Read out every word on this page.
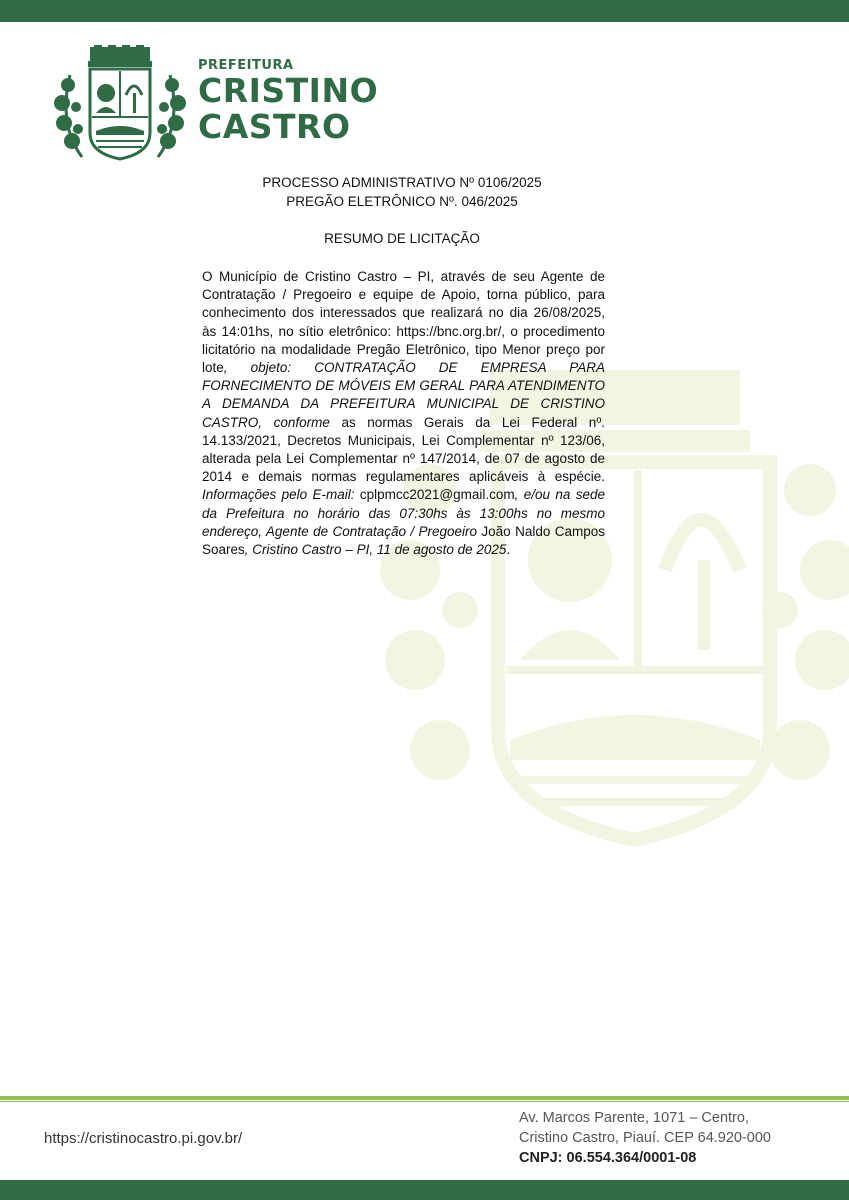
PREFEITURA
CRISTINO
CASTRO
PROCESSO ADMINISTRATIVO Nº 0106/2025
PREGÃO ELETRÔNICO Nº. 046/2025
RESUMO DE LICITAÇÃO
O Município de Cristino Castro – PI, através de seu Agente de Contratação / Pregoeiro e equipe de Apoio, torna público, para conhecimento dos interessados que realizará no dia 26/08/2025, às 14:01hs, no sítio eletrônico: https://bnc.org.br/, o procedimento licitatório na modalidade Pregão Eletrônico, tipo Menor preço por lote, objeto: CONTRATAÇÃO DE EMPRESA PARA FORNECIMENTO DE MÓVEIS EM GERAL PARA ATENDIMENTO A DEMANDA DA PREFEITURA MUNICIPAL DE CRISTINO CASTRO, conforme as normas Gerais da Lei Federal nº. 14.133/2021, Decretos Municipais, Lei Complementar nº 123/06, alterada pela Lei Complementar nº 147/2014, de 07 de agosto de 2014 e demais normas regulamentares aplicáveis à espécie. Informações pelo E-mail: cplpmcc2021@gmail.com, e/ou na sede da Prefeitura no horário das 07:30hs às 13:00hs no mesmo endereço, Agente de Contratação / Pregoeiro João Naldo Campos Soares, Cristino Castro – PI, 11 de agosto de 2025.
https://cristinocastro.pi.gov.br/
Av. Marcos Parente, 1071 – Centro,
Cristino Castro, Piauí. CEP 64.920-000
CNPJ: 06.554.364/0001-08
